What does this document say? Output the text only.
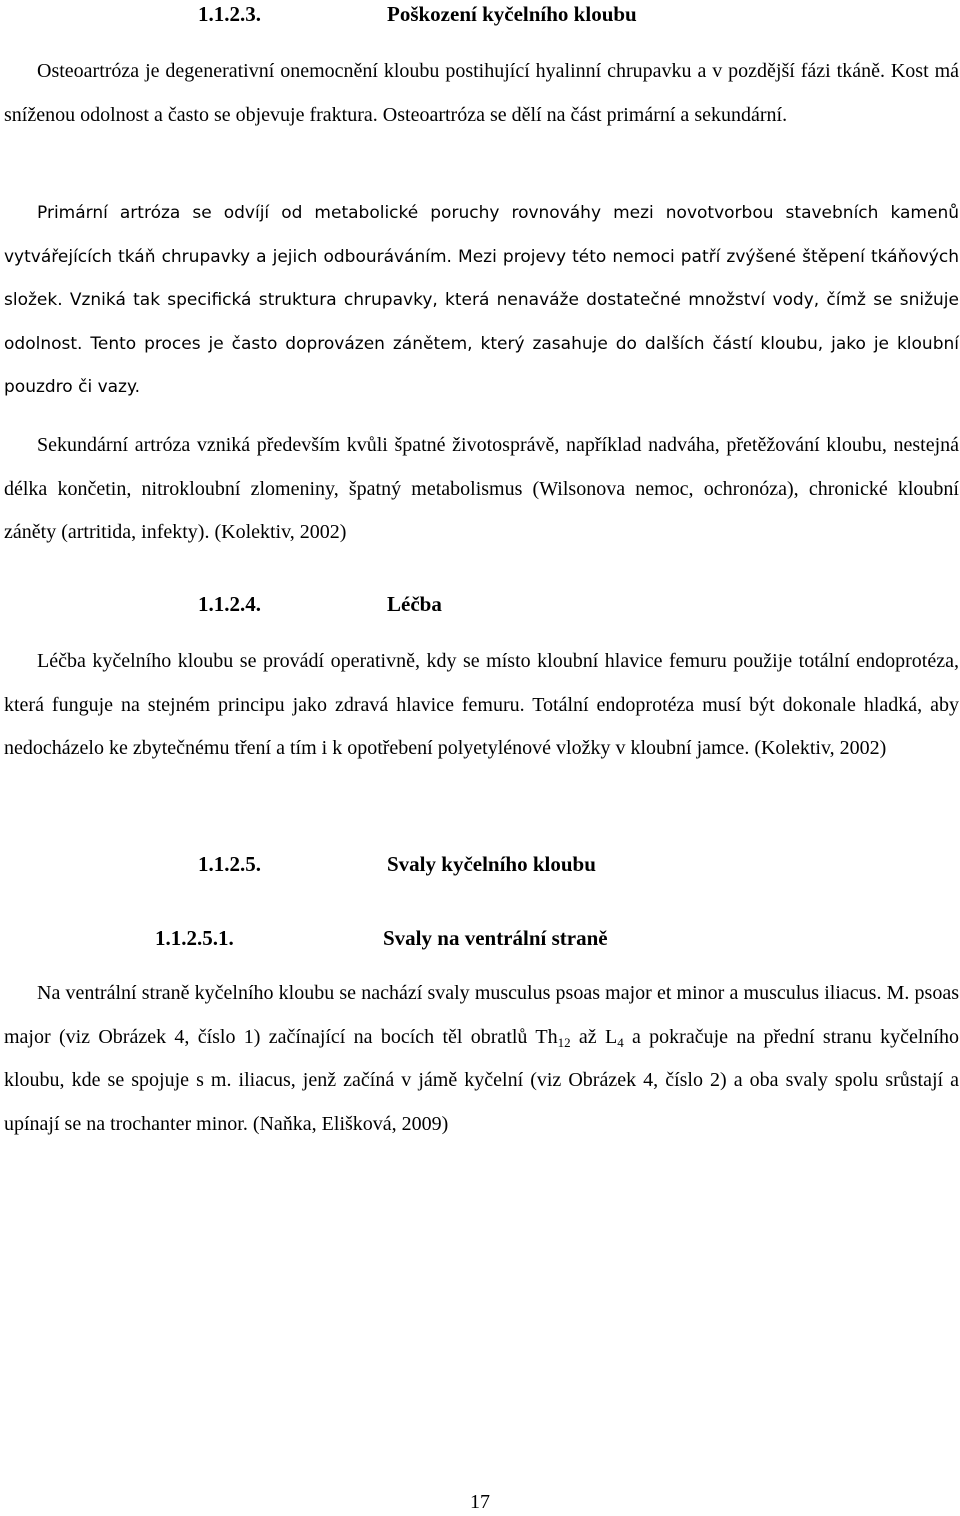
1.1.2.3.	Poškození kyčelního kloubu

Osteoartróza je degenerativní onemocnění kloubu postihující hyalinní chrupavku a v pozdější fázi tkáně. Kost má sníženou odolnost a často se objevuje fraktura. Osteoartróza se dělí na část primární a sekundární.

Primární artróza se odvíjí od metabolické poruchy rovnováhy mezi novotvorbou stavebních kamenů vytvářejících tkáň chrupavky a jejich odbouráváním. Mezi projevy této nemoci patří zvýšené štěpení tkáňových složek. Vzniká tak specifická struktura chrupavky, která nenaváže dostatečné množství vody, čímž se snižuje odolnost. Tento proces je často doprovázen zánětem, který zasahuje do dalších částí kloubu, jako je kloubní pouzdro či vazy.

Sekundární artróza vzniká především kvůli špatné životosprávě, například nadváha, přetěžování kloubu, nestejná délka končetin, nitrokloubní zlomeniny, špatný metabolismus (Wilsonova nemoc, ochronóza), chronické kloubní záněty (artritida, infekty). (Kolektiv, 2002)

1.1.2.4.	Léčba

Léčba kyčelního kloubu se provádí operativně, kdy se místo kloubní hlavice femuru použije totální endoprotéza, která funguje na stejném principu jako zdravá hlavice femuru. Totální endoprotéza musí být dokonale hladká, aby nedocházelo ke zbytečnému tření a tím i k opotřebení polyetylénové vložky v kloubní jamce. (Kolektiv, 2002)

1.1.2.5.	Svaly kyčelního kloubu
1.1.2.5.1.	Svaly na ventrální straně

Na ventrální straně kyčelního kloubu se nachází svaly musculus psoas major et minor a musculus iliacus. M. psoas major (viz Obrázek 4, číslo 1) začínající na bocích těl obratlů $Th_{12}$ až $L_4$ a pokračuje na přední stranu kyčelního kloubu, kde se spojuje s m. iliacus, jenž začíná v jámě kyčelní (viz Obrázek 4, číslo 2) a oba svaly spolu srůstají a upínají se na trochanter minor. (Naňka, Elišková, 2009)

17
